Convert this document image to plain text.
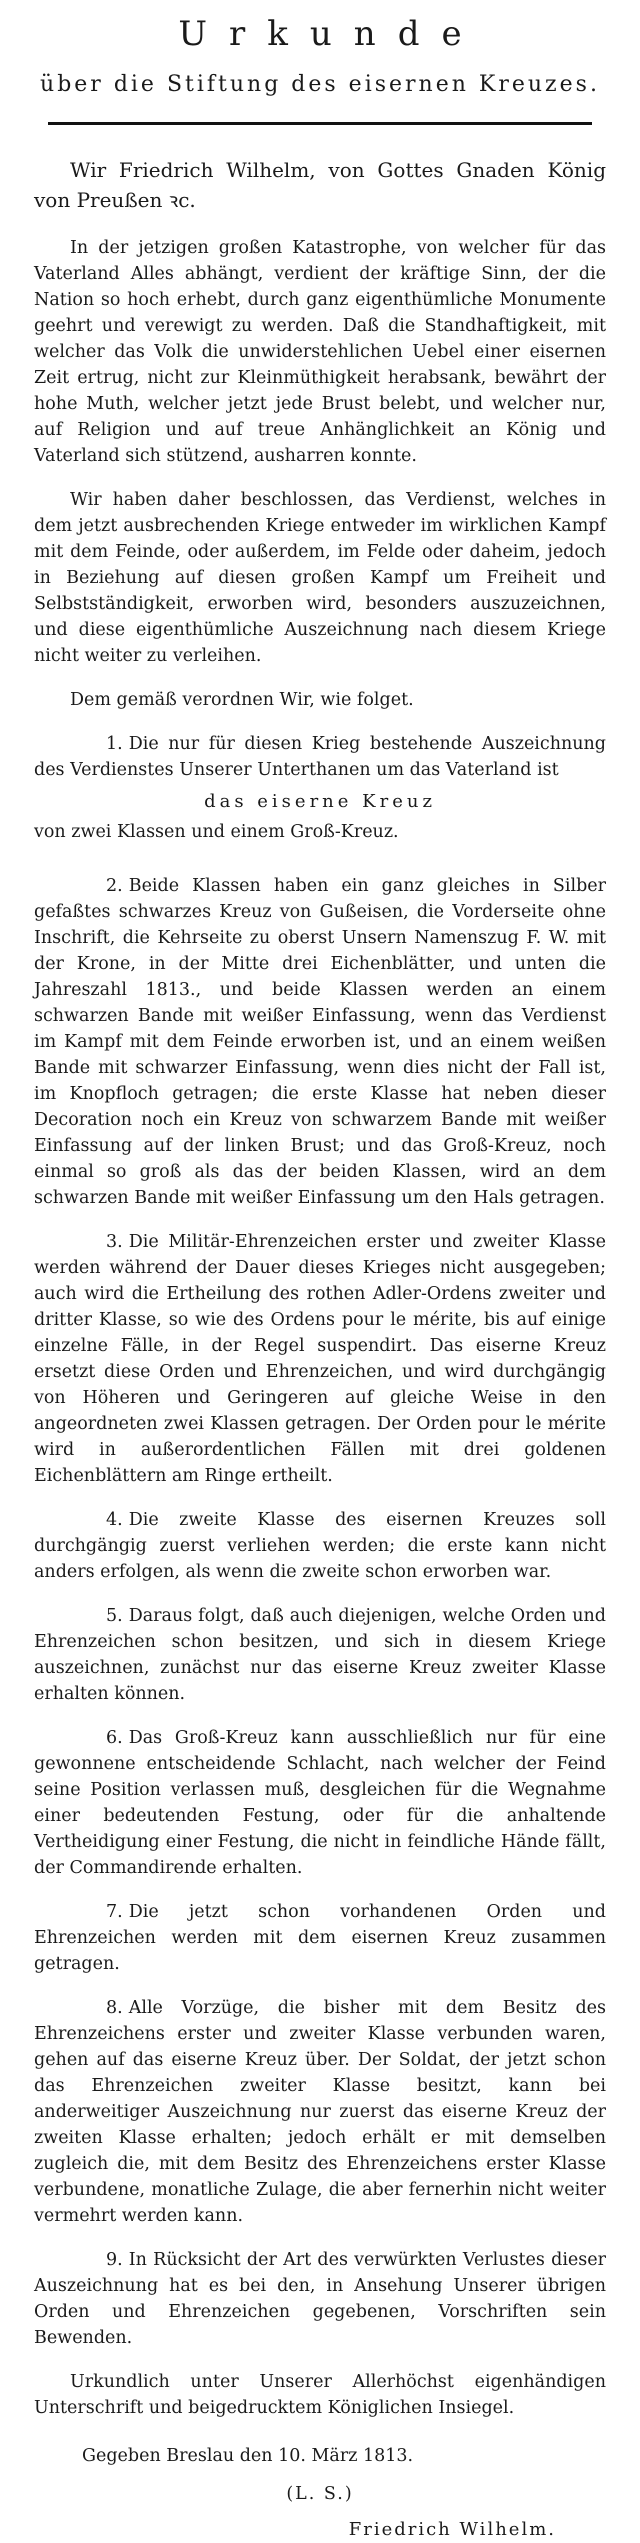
Urkunde
über die Stiftung des eisernen Kreuzes.

Wir Friedrich Wilhelm, von Gottes Gnaden König von Preußen ꝛc.

In der jetzigen großen Katastrophe, von welcher für das Vaterland Alles abhängt, verdient der kräftige Sinn, der die Nation so hoch erhebt, durch ganz eigenthümliche Monumente geehrt und verewigt zu werden. Daß die Standhaftigkeit, mit welcher das Volk die unwiderstehlichen Uebel einer eisernen Zeit ertrug, nicht zur Kleinmüthigkeit herabsank, bewährt der hohe Muth, welcher jetzt jede Brust belebt, und welcher nur, auf Religion und auf treue Anhänglichkeit an König und Vaterland sich stützend, ausharren konnte.

Wir haben daher beschlossen, das Verdienst, welches in dem jetzt ausbrechenden Kriege entweder im wirklichen Kampf mit dem Feinde, oder außerdem, im Felde oder daheim, jedoch in Beziehung auf diesen großen Kampf um Freiheit und Selbstständigkeit, erworben wird, besonders auszuzeichnen, und diese eigenthümliche Auszeichnung nach diesem Kriege nicht weiter zu verleihen.

Dem gemäß verordnen Wir, wie folget.

1. Die nur für diesen Krieg bestehende Auszeichnung des Verdienstes Unserer Unterthanen um das Vaterland ist

das eiserne Kreuz

von zwei Klassen und einem Groß-Kreuz.

2. Beide Klassen haben ein ganz gleiches in Silber gefaßtes schwarzes Kreuz von Gußeisen, die Vorderseite ohne Inschrift, die Kehrseite zu oberst Unsern Namenszug F. W. mit der Krone, in der Mitte drei Eichenblätter, und unten die Jahreszahl 1813., und beide Klassen werden an einem schwarzen Bande mit weißer Einfassung, wenn das Verdienst im Kampf mit dem Feinde erworben ist, und an einem weißen Bande mit schwarzer Einfassung, wenn dies nicht der Fall ist, im Knopfloch getragen; die erste Klasse hat neben dieser Decoration noch ein Kreuz von schwarzem Bande mit weißer Einfassung auf der linken Brust; und das Groß-Kreuz, noch einmal so groß als das der beiden Klassen, wird an dem schwarzen Bande mit weißer Einfassung um den Hals getragen.

3. Die Militär-Ehrenzeichen erster und zweiter Klasse werden während der Dauer dieses Krieges nicht ausgegeben; auch wird die Ertheilung des rothen Adler-Ordens zweiter und dritter Klasse, so wie des Ordens pour le mérite, bis auf einige einzelne Fälle, in der Regel suspendirt. Das eiserne Kreuz ersetzt diese Orden und Ehrenzeichen, und wird durchgängig von Höheren und Geringeren auf gleiche Weise in den angeordneten zwei Klassen getragen. Der Orden pour le mérite wird in außerordentlichen Fällen mit drei goldenen Eichenblättern am Ringe ertheilt.

4. Die zweite Klasse des eisernen Kreuzes soll durchgängig zuerst verliehen werden; die erste kann nicht anders erfolgen, als wenn die zweite schon erworben war.

5. Daraus folgt, daß auch diejenigen, welche Orden und Ehrenzeichen schon besitzen, und sich in diesem Kriege auszeichnen, zunächst nur das eiserne Kreuz zweiter Klasse erhalten können.

6. Das Groß-Kreuz kann ausschließlich nur für eine gewonnene entscheidende Schlacht, nach welcher der Feind seine Position verlassen muß, desgleichen für die Wegnahme einer bedeutenden Festung, oder für die anhaltende Vertheidigung einer Festung, die nicht in feindliche Hände fällt, der Commandirende erhalten.

7. Die jetzt schon vorhandenen Orden und Ehrenzeichen werden mit dem eisernen Kreuz zusammen getragen.

8. Alle Vorzüge, die bisher mit dem Besitz des Ehrenzeichens erster und zweiter Klasse verbunden waren, gehen auf das eiserne Kreuz über. Der Soldat, der jetzt schon das Ehrenzeichen zweiter Klasse besitzt, kann bei anderweitiger Auszeichnung nur zuerst das eiserne Kreuz der zweiten Klasse erhalten; jedoch erhält er mit demselben zugleich die, mit dem Besitz des Ehrenzeichens erster Klasse verbundene, monatliche Zulage, die aber fernerhin nicht weiter vermehrt werden kann.

9. In Rücksicht der Art des verwürkten Verlustes dieser Auszeichnung hat es bei den, in Ansehung Unserer übrigen Orden und Ehrenzeichen gegebenen, Vorschriften sein Bewenden.

Urkundlich unter Unserer Allerhöchst eigenhändigen Unterschrift und beigedrucktem Königlichen Insiegel.

Gegeben Breslau den 10. März 1813.

(L. S.)

Friedrich Wilhelm.
